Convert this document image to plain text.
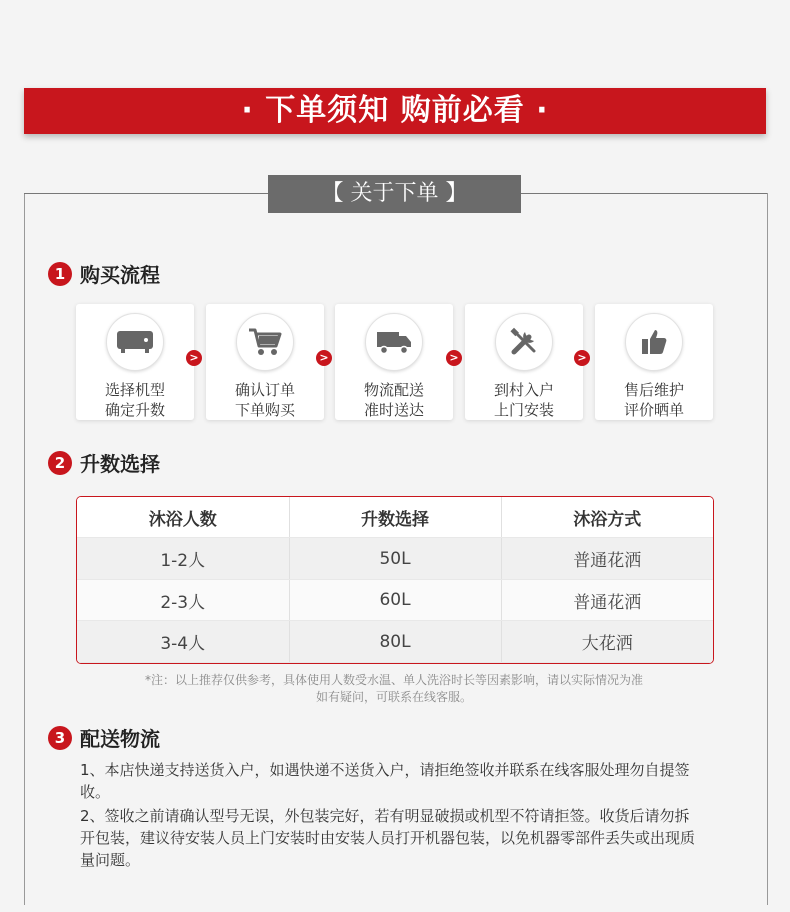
· 下单须知 购前必看 ·
【 关于下单 】
1 购买流程
选择机型
确定升数
>
确认订单
下单购买
>
物流配送
准时送达
>
到村入户
上门安装
>
售后维护
评价晒单
2 升数选择
沐浴人数	升数选择	沐浴方式
1-2人	50L	普通花洒
2-3人	60L	普通花洒
3-4人	80L	大花洒
*注：以上推荐仅供参考，具体使用人数受水温、单人洗浴时长等因素影响，请以实际情况为准
如有疑问，可联系在线客服。
3 配送物流
1、本店快递支持送货入户，如遇快递不送货入户，请拒绝签收并联系在线客服处理勿自提签收。
2、签收之前请确认型号无误，外包装完好，若有明显破损或机型不符请拒签。收货后请勿拆开包装，建议待安装人员上门安装时由安装人员打开机器包装，以免机器零部件丢失或出现质量问题。
